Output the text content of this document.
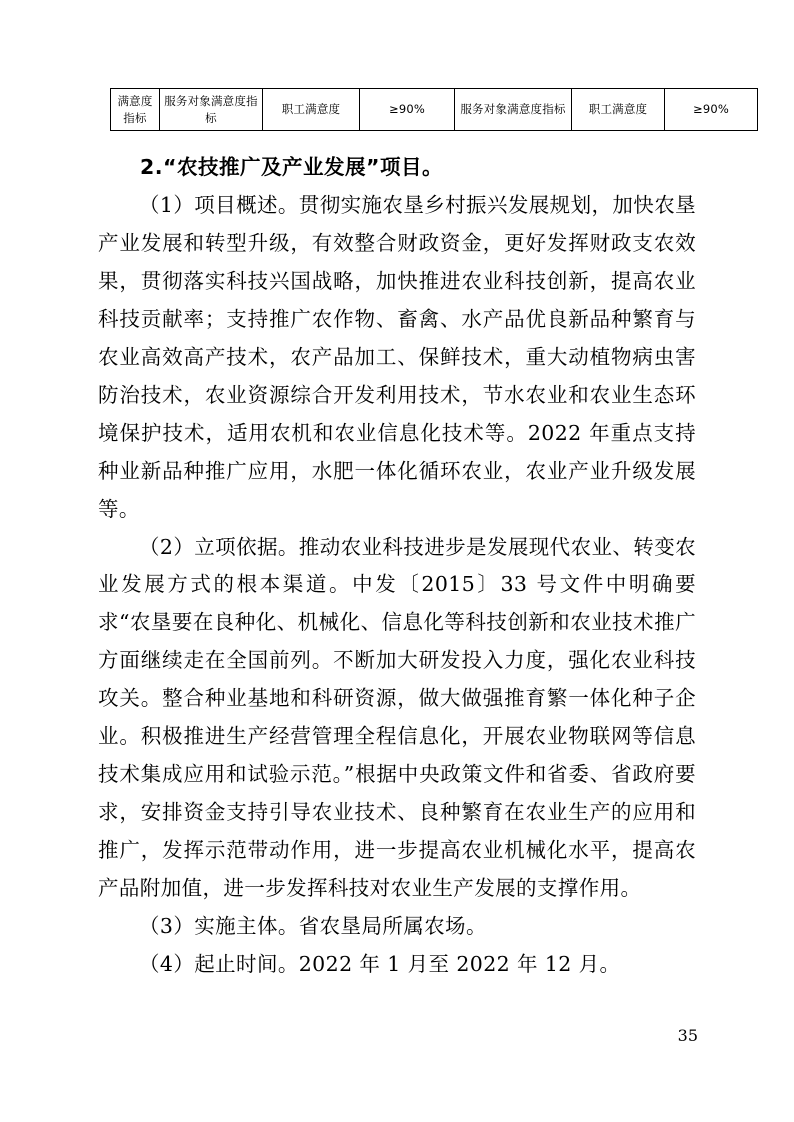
满意度指标	服务对象满意度指标	职工满意度	≥90%	服务对象满意度指标	职工满意度	≥90%
2.“农技推广及产业发展”项目。

（1）项目概述。贯彻实施农垦乡村振兴发展规划，加快农垦产业发展和转型升级，有效整合财政资金，更好发挥财政支农效果，贯彻落实科技兴国战略，加快推进农业科技创新，提高农业科技贡献率；支持推广农作物、畜禽、水产品优良新品种繁育与农业高效高产技术，农产品加工、保鲜技术，重大动植物病虫害防治技术，农业资源综合开发利用技术，节水农业和农业生态环境保护技术，适用农机和农业信息化技术等。2022 年重点支持种业新品种推广应用，水肥一体化循环农业，农业产业升级发展等。

（2）立项依据。推动农业科技进步是发展现代农业、转变农业发展方式的根本渠道。中发〔2015〕33 号文件中明确要求“农垦要在良种化、机械化、信息化等科技创新和农业技术推广方面继续走在全国前列。不断加大研发投入力度，强化农业科技攻关。整合种业基地和科研资源，做大做强推育繁一体化种子企业。积极推进生产经营管理全程信息化，开展农业物联网等信息技术集成应用和试验示范。”根据中央政策文件和省委、省政府要求，安排资金支持引导农业技术、良种繁育在农业生产的应用和推广，发挥示范带动作用，进一步提高农业机械化水平，提高农产品附加值，进一步发挥科技对农业生产发展的支撑作用。

（3）实施主体。省农垦局所属农场。

（4）起止时间。2022 年 1 月至 2022 年 12 月。

35
